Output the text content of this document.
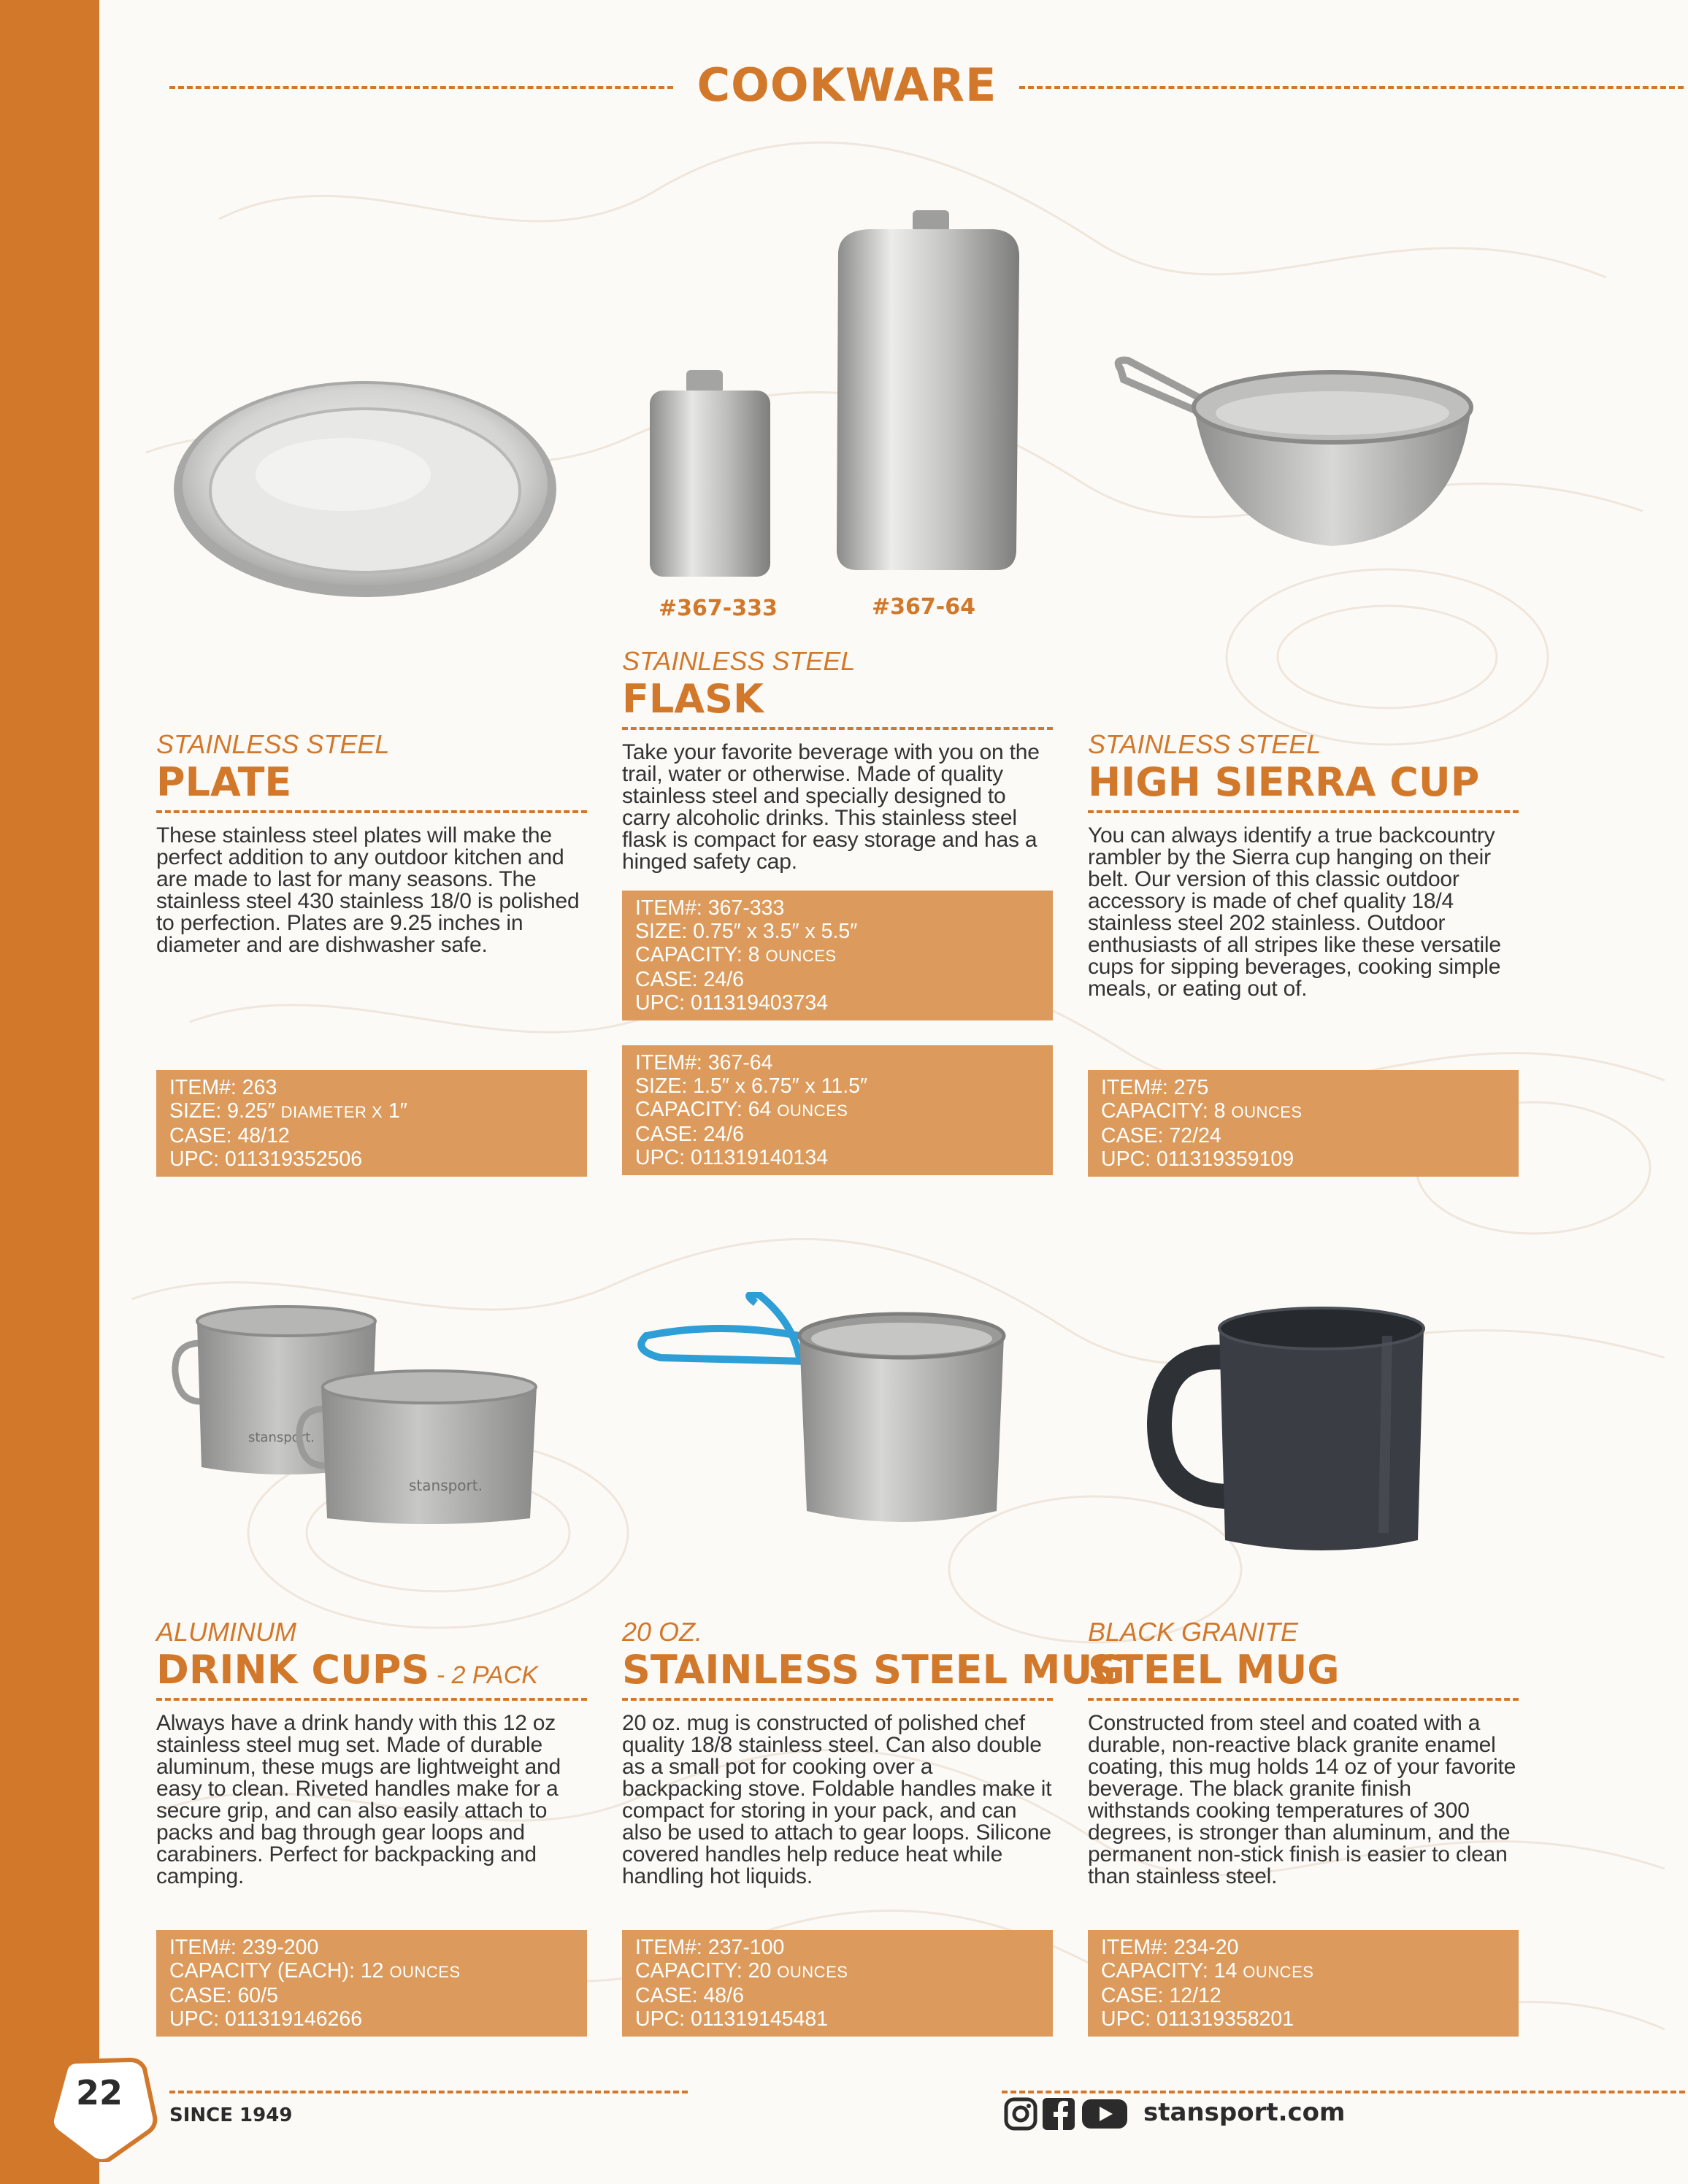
COOKWARE
#367-333	#367-64
STAINLESS STEEL
PLATE
These stainless steel plates will make the perfect addition to any outdoor kitchen and are made to last for many seasons. The stainless steel 430 stainless 18/0 is polished to perfection. Plates are 9.25 inches in diameter and are dishwasher safe.
ITEM#: 263
SIZE: 9.25″ DIAMETER X 1″
CASE: 48/12
UPC: 011319352506
STAINLESS STEEL
FLASK
Take your favorite beverage with you on the trail, water or otherwise. Made of quality stainless steel and specially designed to carry alcoholic drinks. This stainless steel flask is compact for easy storage and has a hinged safety cap.
ITEM#: 367-333
SIZE: 0.75″ x 3.5″ x 5.5″
CAPACITY: 8 OUNCES
CASE: 24/6
UPC: 011319403734
ITEM#: 367-64
SIZE: 1.5″ x 6.75″ x 11.5″
CAPACITY: 64 OUNCES
CASE: 24/6
UPC: 011319140134
STAINLESS STEEL
HIGH SIERRA CUP
You can always identify a true backcountry rambler by the Sierra cup hanging on their belt. Our version of this classic outdoor accessory is made of chef quality 18/4 stainless steel 202 stainless. Outdoor enthusiasts of all stripes like these versatile cups for sipping beverages, cooking simple meals, or eating out of.
ITEM#: 275
CAPACITY: 8 OUNCES
CASE: 72/24
UPC: 011319359109
stansport.
stansport.
ALUMINUM
DRINK CUPS - 2 PACK
Always have a drink handy with this 12 oz stainless steel mug set. Made of durable aluminum, these mugs are lightweight and easy to clean. Riveted handles make for a secure grip, and can also easily attach to packs and bag through gear loops and carabiners. Perfect for backpacking and camping.
ITEM#: 239-200
CAPACITY (EACH): 12 OUNCES
CASE: 60/5
UPC: 011319146266
20 OZ.
STAINLESS STEEL MUG
20 oz. mug is constructed of polished chef quality 18/8 stainless steel. Can also double as a small pot for cooking over a backpacking stove. Foldable handles make it compact for storing in your pack, and can also be used to attach to gear loops. Silicone covered handles help reduce heat while handling hot liquids.
ITEM#: 237-100
CAPACITY: 20 OUNCES
CASE: 48/6
UPC: 011319145481
BLACK GRANITE
STEEL MUG
Constructed from steel and coated with a durable, non-reactive black granite enamel coating, this mug holds 14 oz of your favorite beverage. The black granite finish withstands cooking temperatures of 300 degrees, is stronger than aluminum, and the permanent non-stick finish is easier to clean than stainless steel.
ITEM#: 234-20
CAPACITY: 14 OUNCES
CASE: 12/12
UPC: 011319358201
22
SINCE 1949	stansport.com
